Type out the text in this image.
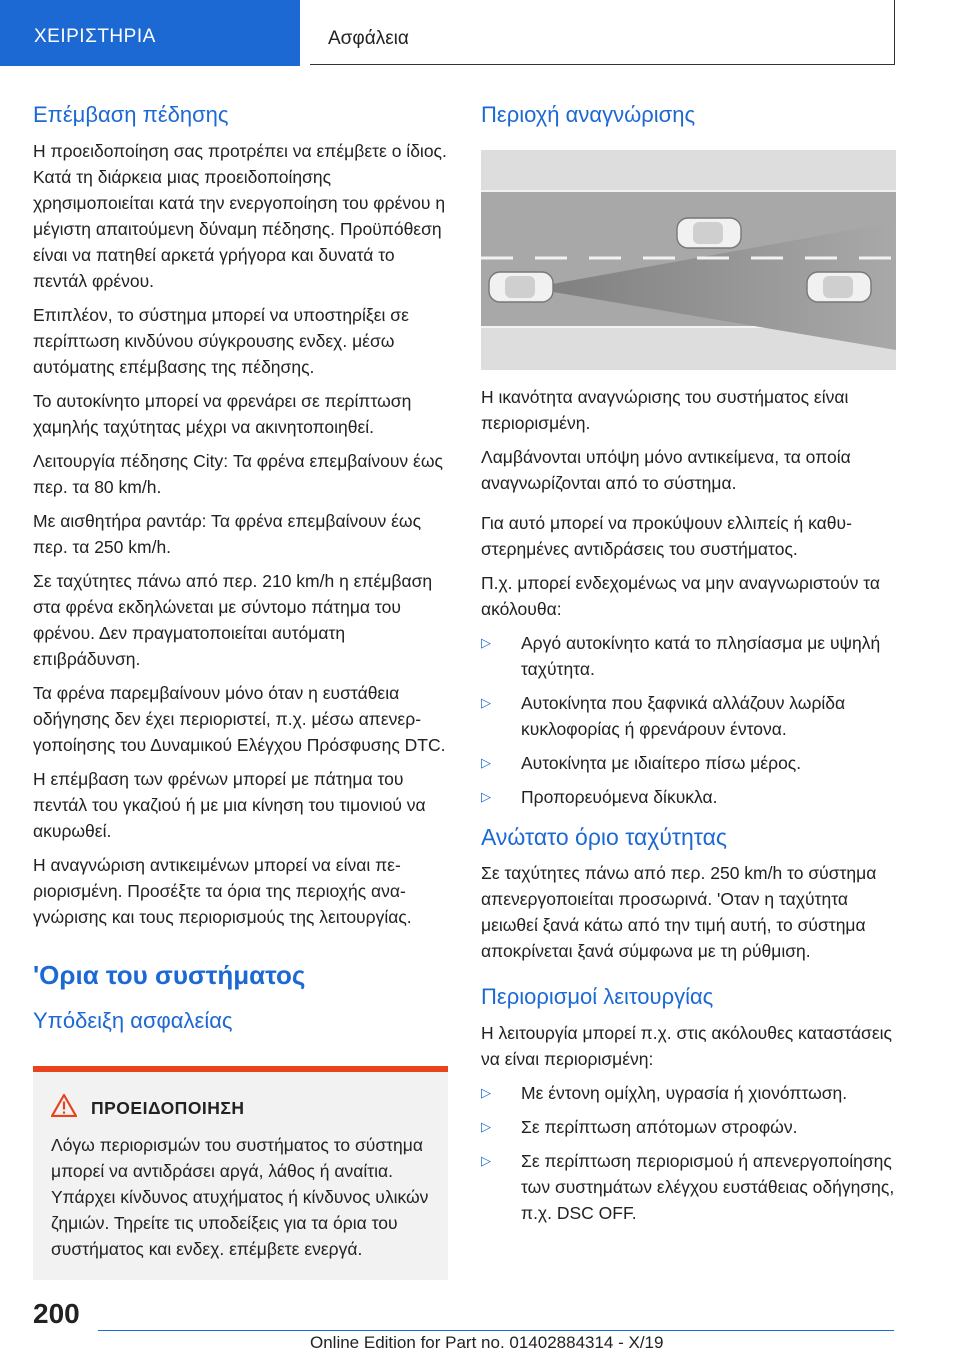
ΧΕΙΡΙΣΤΗΡΙΑ	Ασφάλεια
Επέμβαση πέδησης

Η προειδοποίηση σας προτρέπει να επέμβετε ο ίδιος. Κατά τη διάρκεια μιας προειδοποίησης χρησιμοποιείται κατά την ενεργοποίηση του φρένου η μέγιστη απαιτούμενη δύναμη πέδησης. Προϋπόθεση είναι να πατηθεί αρκετά γρήγορα και δυνατά το πεντάλ φρένου.

Επιπλέον, το σύστημα μπορεί να υποστηρίξει σε περίπτωση κινδύνου σύγκρουσης ενδεχ. μέσω αυτόματης επέμβασης της πέδησης.

Το αυτοκίνητο μπορεί να φρενάρει σε περίπτωση χαμηλής ταχύτητας μέχρι να ακινητοποιηθεί.

Λειτουργία πέδησης City: Τα φρένα επεμβαίνουν έως περ. τα 80 km/h.

Με αισθητήρα ραντάρ: Τα φρένα επεμβαίνουν έως περ. τα 250 km/h.

Σε ταχύτητες πάνω από περ. 210 km/h η επέμβαση στα φρένα εκδηλώνεται με σύντομο πάτημα του φρένου. Δεν πραγματοποιείται αυτόματη επιβράδυνση.

Τα φρένα παρεμβαίνουν μόνο όταν η ευστάθεια οδήγησης δεν έχει περιοριστεί, π.χ. μέσω απενεργοποίησης του Δυναμικού Ελέγχου Πρόσφυσης DTC.

Η επέμβαση των φρένων μπορεί με πάτημα του πεντάλ του γκαζιού ή με μια κίνηση του τιμονιού να ακυρωθεί.

Η αναγνώριση αντικειμένων μπορεί να είναι περιορισμένη. Προσέξτε τα όρια της περιοχής αναγνώρισης και τους περιορισμούς της λειτουργίας.

'Ορια του συστήματος
Υπόδειξη ασφαλείας
ΠΡΟΕΙΔΟΠΟΙΗΣΗ

Λόγω περιορισμών του συστήματος το σύστημα μπορεί να αντιδράσει αργά, λάθος ή αναίτια. Υπάρχει κίνδυνος ατυχήματος ή κίνδυνος υλικών ζημιών. Τηρείτε τις υποδείξεις για τα όρια του συστήματος και ενδεχ. επέμβετε ενεργά.

Περιοχή αναγνώρισης

Η ικανότητα αναγνώρισης του συστήματος είναι περιορισμένη.

Λαμβάνονται υπόψη μόνο αντικείμενα, τα οποία αναγνωρίζονται από το σύστημα.

Για αυτό μπορεί να προκύψουν ελλιπείς ή καθυστερημένες αντιδράσεις του συστήματος.

Π.χ. μπορεί ενδεχομένως να μην αναγνωριστούν τα ακόλουθα:

▷ Αργό αυτοκίνητο κατά το πλησίασμα με υψηλή ταχύτητα.
▷ Αυτοκίνητα που ξαφνικά αλλάζουν λωρίδα κυκλοφορίας ή φρενάρουν έντονα.
▷ Αυτοκίνητα με ιδιαίτερο πίσω μέρος.
▷ Προπορευόμενα δίκυκλα.
Ανώτατο όριο ταχύτητας

Σε ταχύτητες πάνω από περ. 250 km/h το σύστημα απενεργοποιείται προσωρινά. 'Οταν η ταχύτητα μειωθεί ξανά κάτω από την τιμή αυτή, το σύστημα αποκρίνεται ξανά σύμφωνα με τη ρύθμιση.

Περιορισμοί λειτουργίας

Η λειτουργία μπορεί π.χ. στις ακόλουθες καταστάσεις να είναι περιορισμένη:

▷ Με έντονη ομίχλη, υγρασία ή χιονόπτωση.
▷ Σε περίπτωση απότομων στροφών.
▷ Σε περίπτωση περιορισμού ή απενεργοποίησης των συστημάτων ελέγχου ευστάθειας οδήγησης, π.χ. DSC OFF.
200
Online Edition for Part no. 01402884314 - X/19
